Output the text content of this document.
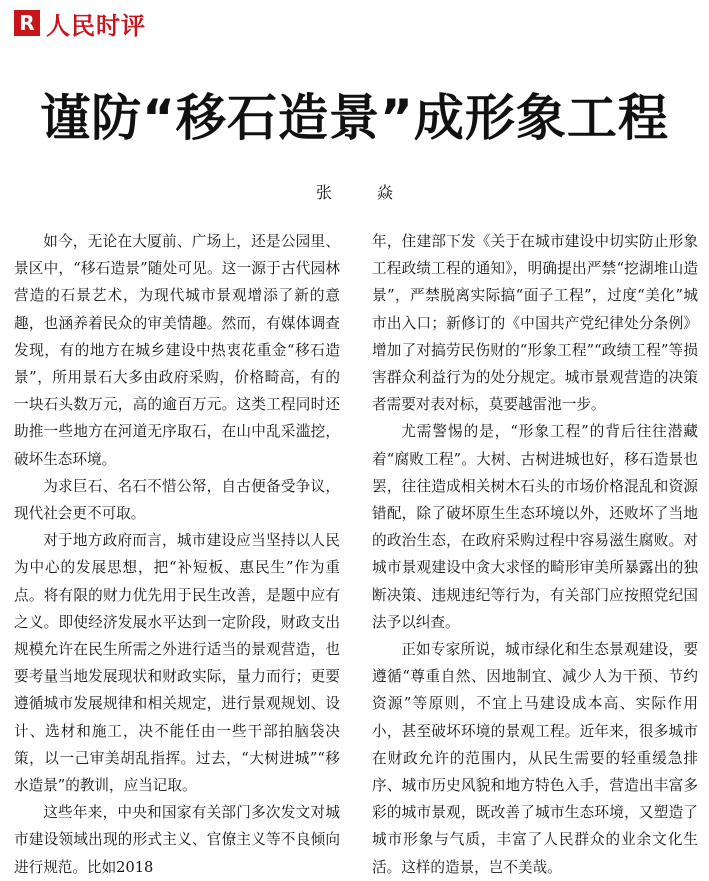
R 人民时评
谨防“移石造景”成形象工程
张 焱

如今，无论在大厦前、广场上，还是公园里、景区中，“移石造景”随处可见。这一源于古代园林营造的石景艺术，为现代城市景观增添了新的意趣，也涵养着民众的审美情趣。然而，有媒体调查发现，有的地方在城乡建设中热衷花重金“移石造景”，所用景石大多由政府采购，价格畸高，有的一块石头数万元，高的逾百万元。这类工程同时还助推一些地方在河道无序取石，在山中乱采滥挖，破坏生态环境。

为求巨石、名石不惜公帑，自古便备受争议，现代社会更不可取。

对于地方政府而言，城市建设应当坚持以人民为中心的发展思想，把“补短板、惠民生”作为重点。将有限的财力优先用于民生改善，是题中应有之义。即使经济发展水平达到一定阶段，财政支出规模允许在民生所需之外进行适当的景观营造，也要考量当地发展现状和财政实际，量力而行；更要遵循城市发展规律和相关规定，进行景观规划、设计、选材和施工，决不能任由一些干部拍脑袋决策，以一己审美胡乱指挥。过去，“大树进城”“移水造景”的教训，应当记取。

这些年来，中央和国家有关部门多次发文对城市建设领域出现的形式主义、官僚主义等不良倾向进行规范。比如2018

年，住建部下发《关于在城市建设中切实防止形象工程政绩工程的通知》，明确提出严禁“挖湖堆山造景”，严禁脱离实际搞“面子工程”，过度“美化”城市出入口；新修订的《中国共产党纪律处分条例》增加了对搞劳民伤财的“形象工程”“政绩工程”等损害群众利益行为的处分规定。城市景观营造的决策者需要对表对标，莫要越雷池一步。

尤需警惕的是，“形象工程”的背后往往潜藏着“腐败工程”。大树、古树进城也好，移石造景也罢，往往造成相关树木石头的市场价格混乱和资源错配，除了破坏原生生态环境以外，还败坏了当地的政治生态，在政府采购过程中容易滋生腐败。对城市景观建设中贪大求怪的畸形审美所暴露出的独断决策、违规违纪等行为，有关部门应按照党纪国法予以纠查。

正如专家所说，城市绿化和生态景观建设，要遵循“尊重自然、因地制宜、减少人为干预、节约资源”等原则，不宜上马建设成本高、实际作用小，甚至破坏环境的景观工程。近年来，很多城市在财政允许的范围内，从民生需要的轻重缓急排序、城市历史风貌和地方特色入手，营造出丰富多彩的城市景观，既改善了城市生态环境，又塑造了城市形象与气质，丰富了人民群众的业余文化生活。这样的造景，岂不美哉。
